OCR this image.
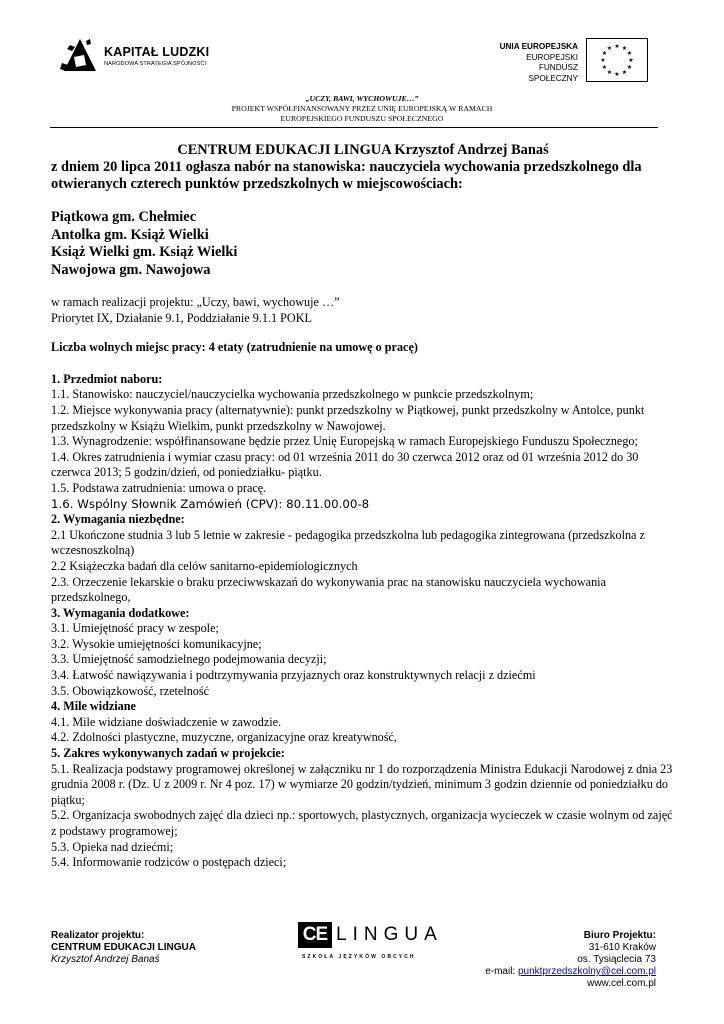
KAPITAŁ LUDZKI
NARODOWA STRATEGIA SPÓJNOŚCI
UNIA EUROPEJSKA
EUROPEJSKI
FUNDUSZ SPOŁECZNY
★ ★
★
★
★
★
★
★
★
★
★
★
„UCZY, BAWI, WYCHOWUJE…”
PROJEKT WSPÓŁFINANSOWANY PRZEZ UNIĘ EUROPEJSKĄ W RAMACH
EUROPEJSKIEGO FUNDUSZU SPOŁECZNEGO
CENTRUM EDUKACJI LINGUA Krzysztof Andrzej Banaś
z dniem 20 lipca 2011 ogłasza nabór na stanowiska: nauczyciela wychowania przedszkolnego dla
otwieranych czterech punktów przedszkolnych w miejscowościach:
Piątkowa gm. Chełmiec
Antolka gm. Książ Wielki
Książ Wielki gm. Książ Wielki
Nawojowa gm. Nawojowa
w ramach realizacji projektu: „Uczy, bawi, wychowuje …”
Priorytet IX, Działanie 9.1, Poddziałanie 9.1.1 POKL
Liczba wolnych miejsc pracy: 4 etaty (zatrudnienie na umowę o pracę)
1. Przedmiot naboru:
1.1. Stanowisko: nauczyciel/nauczycielka wychowania przedszkolnego w punkcie przedszkolnym;
1.2. Miejsce wykonywania pracy (alternatywnie): punkt przedszkolny w Piątkowej, punkt przedszkolny w Antolce, punkt przedszkolny w Książu Wielkim, punkt przedszkolny w Nawojowej.
1.3. Wynagrodzenie: współfinansowane będzie przez Unię Europejską w ramach Europejskiego Funduszu Społecznego;
1.4. Okres zatrudnienia i wymiar czasu pracy: od 01 września 2011 do 30 czerwca 2012 oraz od 01 września 2012 do 30 czerwca 2013; 5 godzin/dzień, od poniedziałku- piątku.
1.5. Podstawa zatrudnienia: umowa o pracę.
1.6. Wspólny Słownik Zamówień (CPV): 80.11.00.00-8
2. Wymagania niezbędne:
2.1 Ukończone studnia 3 lub 5 letnie w zakresie - pedagogika przedszkolna lub pedagogika zintegrowana (przedszkolna z wczesnoszkolną)
2.2 Książeczka badań dla celów sanitarno-epidemiologicznych
2.3. Orzeczenie lekarskie o braku przeciwwskazań do wykonywania prac na stanowisku nauczyciela wychowania przedszkolnego,
3. Wymagania dodatkowe:
3.1. Umiejętność pracy w zespole;
3.2. Wysokie umiejętności komunikacyjne;
3.3. Umiejętność samodzielnego podejmowania decyzji;
3.4. Łatwość nawiązywania i podtrzymywania przyjaznych oraz konstruktywnych relacji z dziećmi
3.5. Obowiązkowość, rzetelność
4. Mile widziane
4.1. Mile widziane doświadczenie w zawodzie.
4.2. Zdolności plastyczne, muzyczne, organizacyjne oraz kreatywność,
5. Zakres wykonywanych zadań w projekcie:
5.1. Realizacja podstawy programowej określonej w załączniku nr 1 do rozporządzenia Ministra Edukacji Narodowej z dnia 23 grudnia 2008 r. (Dz. U z 2009 r. Nr 4 poz. 17) w wymiarze 20 godzin/tydzień, minimum 3 godzin dziennie od poniedziałku do piątku;
5.2. Organizacja swobodnych zajęć dla dzieci np.: sportowych, plastycznych, organizacja wycieczek w czasie wolnym od zajęć z podstawy programowej;
5.3. Opieka nad dziećmi;
5.4. Informowanie rodziców o postępach dzieci;
Realizator projektu:
CENTRUM EDUKACJI LINGUA
Krzysztof Andrzej Banaś
CE LINGUA
SZKOŁA JĘZYKÓW OBCYCH
Biuro Projektu:
31-610 Kraków
os. Tysiąclecia 73
e-mail: punktprzedszkolny@cel.com.pl
www.cel.com.pl
